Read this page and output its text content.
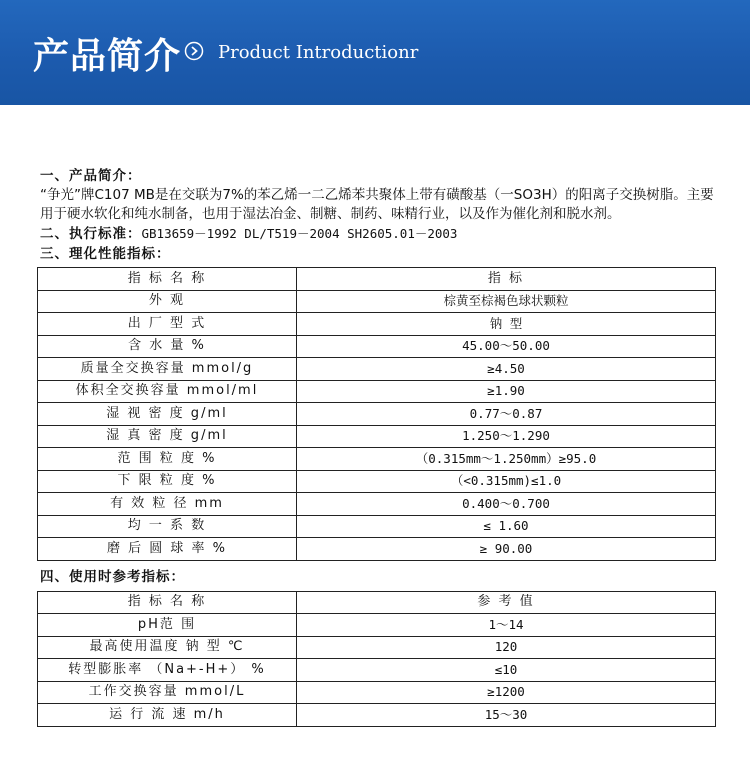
产品简介 Product Introductionr
一、产品简介：
“争光”牌C107 MB是在交联为7%的苯乙烯一二乙烯苯共聚体上带有磺酸基（一SO3H）的阳离子交换树脂。主要用于硬水软化和纯水制备，也用于湿法冶金、制糖、制药、味精行业，以及作为催化剂和脱水剂。
二、执行标准：GB13659－1992 DL/T519－2004 SH2605.01－2003
三、理化性能指标：
指 标 名 称	指 标
外 观	棕黄至棕褐色球状颗粒
出 厂 型 式	钠 型
含 水 量 %	45.00～50.00
质量全交换容量 mmol/g	≥4.50
体积全交换容量 mmol/ml	≥1.90
湿 视 密 度 g/ml	0.77～0.87
湿 真 密 度 g/ml	1.250～1.290
范 围 粒 度 %	（0.315mm～1.250mm）≥95.0
下 限 粒 度 %	（<0.315mm)≤1.0
有 效 粒 径 mm	0.400～0.700
均 一 系 数	≤ 1.60
磨 后 圆 球 率 %	≥ 90.00
四、使用时参考指标：
指 标 名 称	参 考 值
pH范 围	1～14
最高使用温度 钠 型 ℃	120
转型膨胀率 （Na+-H+） %	≤10
工作交换容量 mmol/L	≥1200
运 行 流 速 m/h	15～30
